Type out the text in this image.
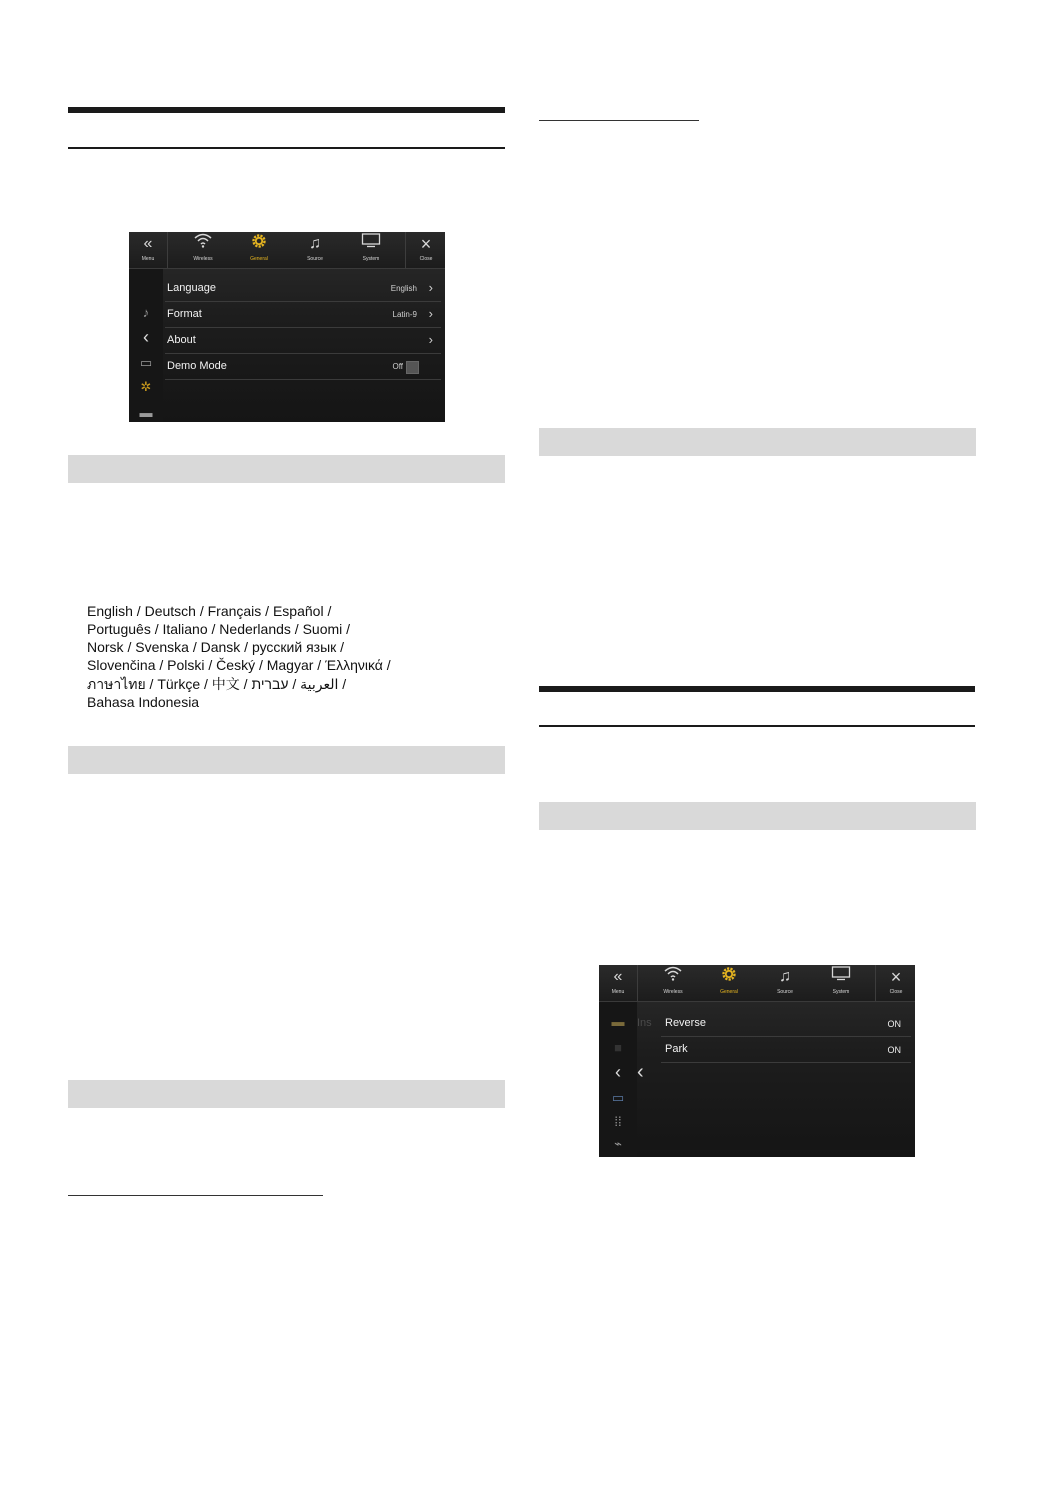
«
Menu	Wireless	General
♫
Source	System
×
Close
♪
‹
▭
✲
▬
Language	English ›
Format	Latin-9 ›
About	›
Demo Mode	Off
English / Deutsch / Français / Español /
Português / Italiano / Nederlands / Suomi /
Norsk / Svenska / Dansk / русский язык /
Slovenčina / Polski / Český / Magyar / Έλληνικά /
ภาษาไทย / Türkçe / 中文 / العربية / עברית /
Bahasa Indonesia
«
Menu	Wireless	General
♫
Source	System
×
Close
▬
■
‹
▭
⁞⁞
⌁
‹
Ins Reverse	ON
Park	ON
